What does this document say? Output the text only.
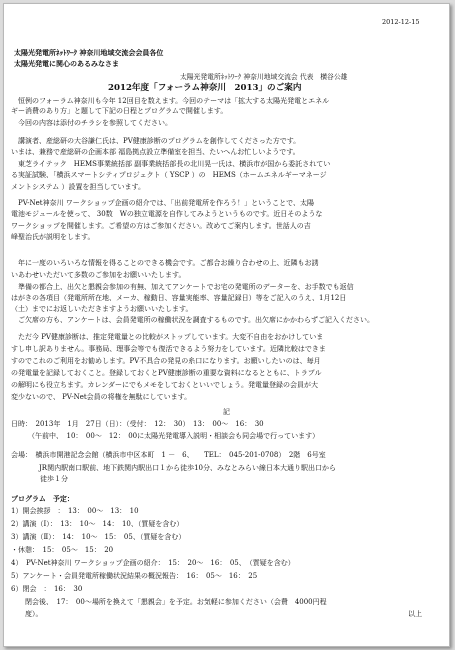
2012-12-15
太陽光発電所ﾈｯﾄﾜｰｸ 神奈川地域交流会会員各位
太陽光発電に関心のあるみなさま
太陽光発電所ﾈｯﾄﾜｰｸ 神奈川地域交流会 代表　横谷公雄
2012年度「フォーラム神奈川　2013」のご案内
　恒例のフォーラム神奈川も今年 12回目を数えます。今回のテーマは「拡大する太陽光発電とエネル
ギー消費のあり方」と題して下記の日程とプログラムで開催します。
　今回の内容は添付のチラシを参照してください。
　講演者、産総研の大谷謙仁氏は、PV健康診断のプログラムを創作してくださった方です。
いまは、兼務で産総研の企画本部 福島拠点設立準備室を担当、たいへんお忙しいようです。
　東芝ライテック　HEMS事業統括部 副事業統括部長の北川晃一氏は、横浜市が国から委託されてい
る実証試験、「横浜スマートシティプロジェクト（ YSCP ）の　HEMS（ホームエネルギーマネージ
メントシステム ）設置を担当しています。
　PV-Net神奈川 ワークショップ企画の紹介では、「出前発電所を作ろう！」ということで、太陽
電池モジュールを使って、 30数　Wの独立電源を自作してみようというものです。近日そのような
ワークショップを開催します。ご希望の方はご参加ください。改めてご案内します。世話人の吉
峰聖治氏が説明をします。
　年に一度のいろいろな情報を得ることのできる機会です。ご都合お繰り合わせの上、近隣もお誘
いあわせいただいて多数のご参加をお願いいたします。
　準備の都合上、出欠と懇親会参加の有無、加えてアンケートでお宅の発電所のデーターを、お手数でも返信
はがきの各項目（発電所所在地、メーカ、稼動日、容量実能率、容量記録日）等をご記入のうえ、1月12日
（土）までにお返しいただきますようお願いいたします。
　ご欠席の方も、アンケートは、会員発電所の稼働状況を調査するものです。出欠席にかかわらずご記入ください。
　ただ今 PV健康診断は、推定発電量との比較がストップしています。大変不自由をおかけしていま
すし申し訳ありません。事務局、理事会等でも復活できるよう努力をしています。近隣比較はできま
すのでこれのご利用をお勧めします。PV不具合の発見の糸口になります。お願いしたいのは、毎月
の発電量を記録しておくこと。登録しておくとPV健康診断の重要な資料になるとともに、トラブル
の解明にも役立ちます。カレンダーにでもメモをしておくといいでしょう。発電量登録の会員が大
変少ないので、 PV-Net会員の将権を無駄にしています。
記
日時：　2013年　1月　27日（日）：（受付：　12：　30）　13：　00～　16：　30
（午前中、　10：　00～　12：　00に太陽光発電導入説明・相談会も同会場で行っています）
会場：　横浜市開港記念会館（横浜市中区本町　1 －　6、　　TEL：　045-201-0708）　2階　6号室
　JR関内駅南口駅前、地下鉄関内駅出口１から徒歩10分、みなとみらい線日本大通り駅出口から
徒歩１分
プログラム　予定：
1）開会挨拶　：　13：　00～　13：　10
2）講演（Ⅰ）：　13：　10～　14：　10、（質疑を含む）
3）講演（Ⅱ）：　14：　10～　15：　05、（質疑を含む）
・休憩：　15：　05～　15：　20
4）　PV-Net神奈川 ワークショップ企画の紹介：　15：　20～　16：　05、　（質疑を含む）
5）アンケート・会員発電所稼働状況結果の概況報告：　16：　05～　16：　25
6）閉会　：　16：　30
　　閉会後、　17：　00～場所を換えて「懇親会」を予定。お気軽に参加ください（会費　4000円程
　　度）。	以上
